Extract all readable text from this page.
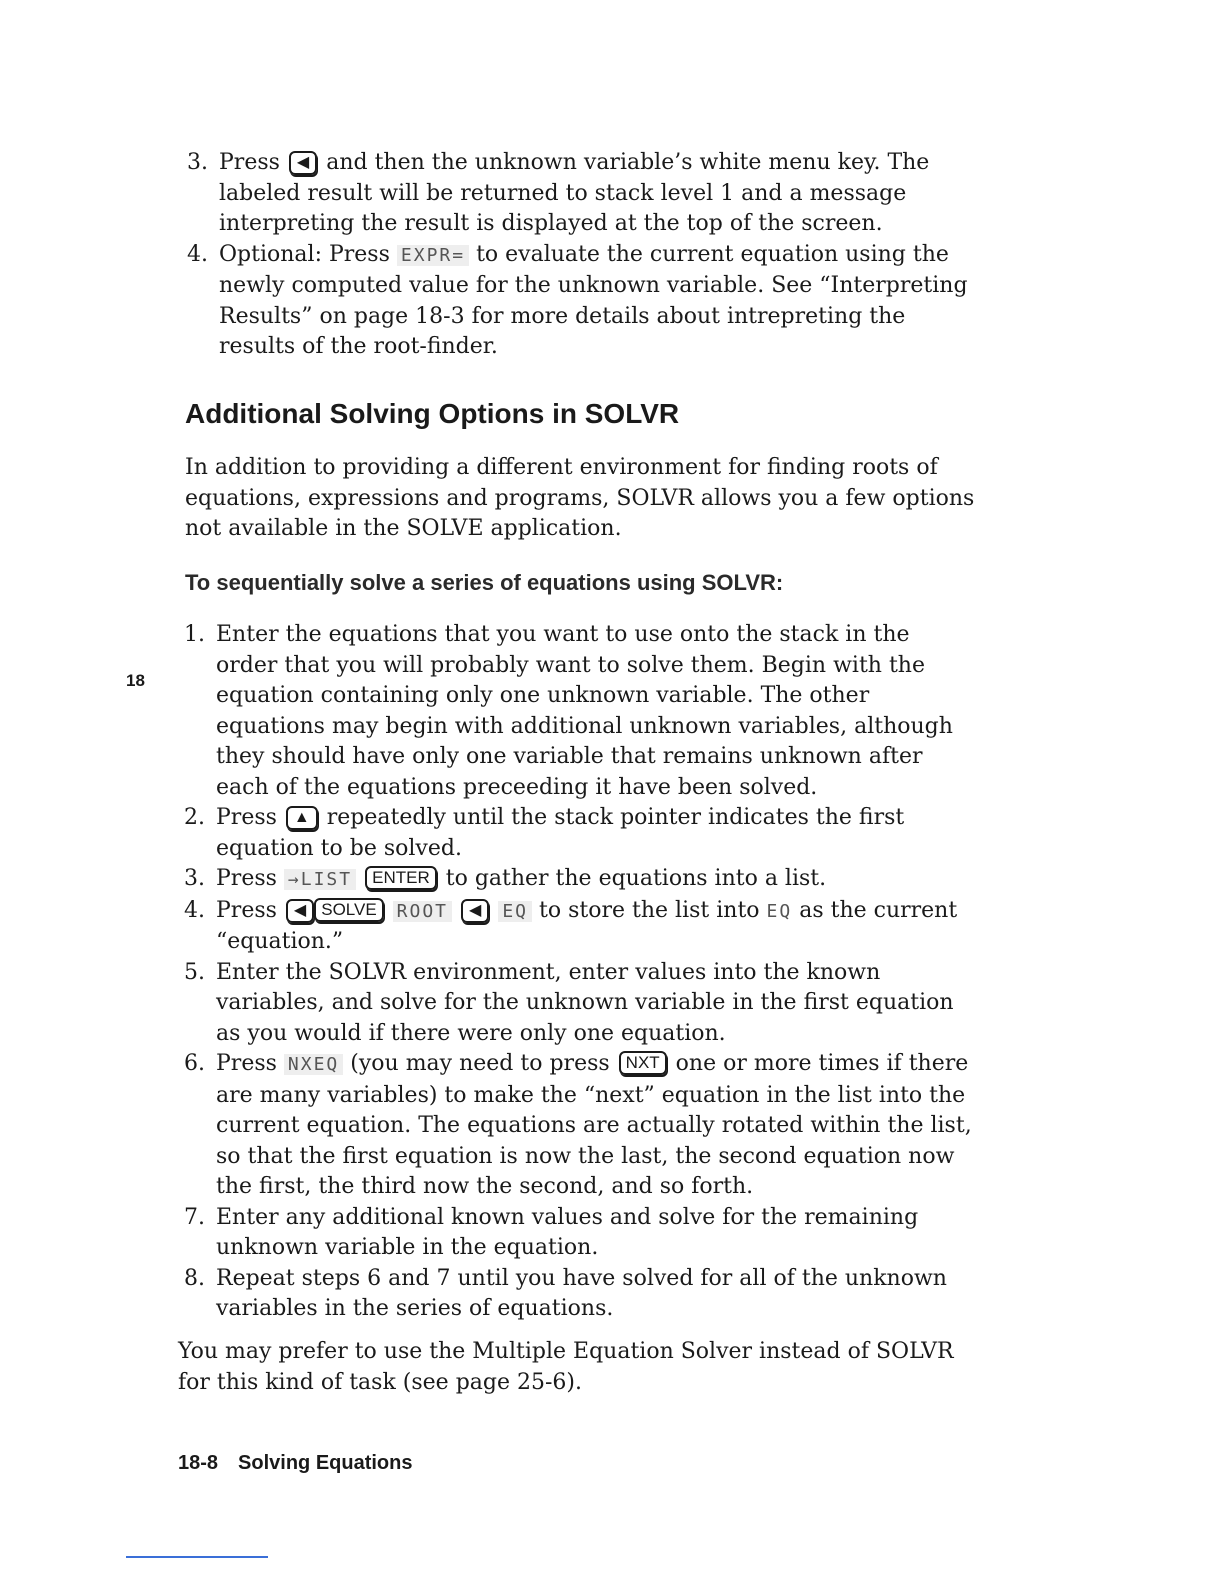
3. Press ◀ and then the unknown variable’s white menu key. The labeled result will be returned to stack level 1 and a message interpreting the result is displayed at the top of the screen.
4. Optional: Press EXPR= to evaluate the current equation using the newly computed value for the unknown variable. See “Interpreting Results” on page 18-3 for more details about intrepreting the results of the root-finder.
Additional Solving Options in SOLVR

In addition to providing a different environment for finding roots of equations, expressions and programs, SOLVR allows you a few options not available in the SOLVE application.

To sequentially solve a series of equations using SOLVR:
18
1. Enter the equations that you want to use onto the stack in the order that you will probably want to solve them. Begin with the equation containing only one unknown variable. The other equations may begin with additional unknown variables, although they should have only one variable that remains unknown after each of the equations preceeding it have been solved.
2. Press ▲ repeatedly until the stack pointer indicates the first equation to be solved.
3. Press →LIST ENTER to gather the equations into a list.
4. Press ◀ SOLVE ROOT ◀ EQ to store the list into EQ as the current “equation.”
5. Enter the SOLVR environment, enter values into the known variables, and solve for the unknown variable in the first equation as you would if there were only one equation.
6. Press NXEQ (you may need to press NXT one or more times if there are many variables) to make the “next” equation in the list into the current equation. The equations are actually rotated within the list, so that the first equation is now the last, the second equation now the first, the third now the second, and so forth.
7. Enter any additional known values and solve for the remaining unknown variable in the equation.
8. Repeat steps 6 and 7 until you have solved for all of the unknown variables in the series of equations.

You may prefer to use the Multiple Equation Solver instead of SOLVR for this kind of task (see page 25-6).

18-8 Solving Equations
